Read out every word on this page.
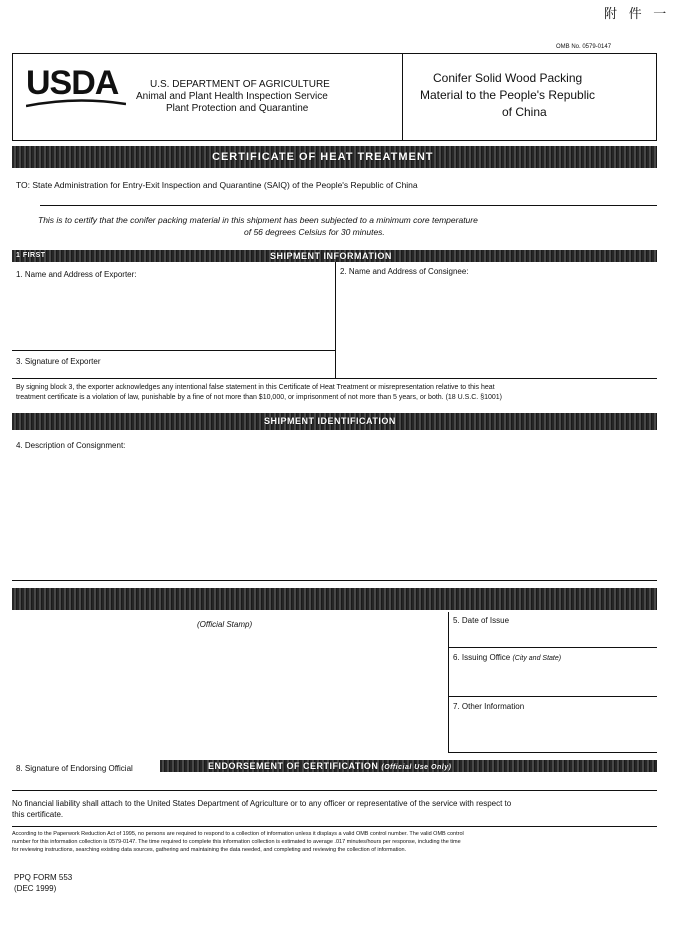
附 件 一
OMB No. 0579-0147
USDA	U.S. DEPARTMENT OF AGRICULTURE
Animal and Plant Health Inspection Service
Plant Protection and Quarantine
Conifer Solid Wood Packing
Material to the People's Republic
of China
CERTIFICATE OF HEAT TREATMENT
TO: State Administration for Entry-Exit Inspection and Quarantine (SAIQ) of the People's Republic of China
This is to certify that the conifer packing material in this shipment has been subjected to a minimum core temperature
of 56 degrees Celsius for 30 minutes.
1 FIRST	SHIPMENT INFORMATION
1. Name and Address of Exporter:	2. Name and Address of Consignee:
3. Signature of Exporter
By signing block 3, the exporter acknowledges any intentional false statement in this Certificate of Heat Treatment or misrepresentation relative to this heat
treatment certificate is a violation of law, punishable by a fine of not more than $10,000, or imprisonment of not more than 5 years, or both. (18 U.S.C. §1001)
SHIPMENT IDENTIFICATION
4. Description of Consignment:
(Official Stamp)	5. Date of Issue
6. Issuing Office (City and State)
7. Other Information
8. Signature of Endorsing Official	ENDORSEMENT OF CERTIFICATION (Official Use Only)
No financial liability shall attach to the United States Department of Agriculture or to any officer or representative of the service with respect to
this certificate.
According to the Paperwork Reduction Act of 1995, no persons are required to respond to a collection of information unless it displays a valid OMB control number. The valid OMB control
number for this information collection is 0579-0147. The time required to complete this information collection is estimated to average .017 minutes/hours per response, including the time
for reviewing instructions, searching existing data sources, gathering and maintaining the data needed, and completing and reviewing the collection of information.
PPQ FORM 553
(DEC 1999)
